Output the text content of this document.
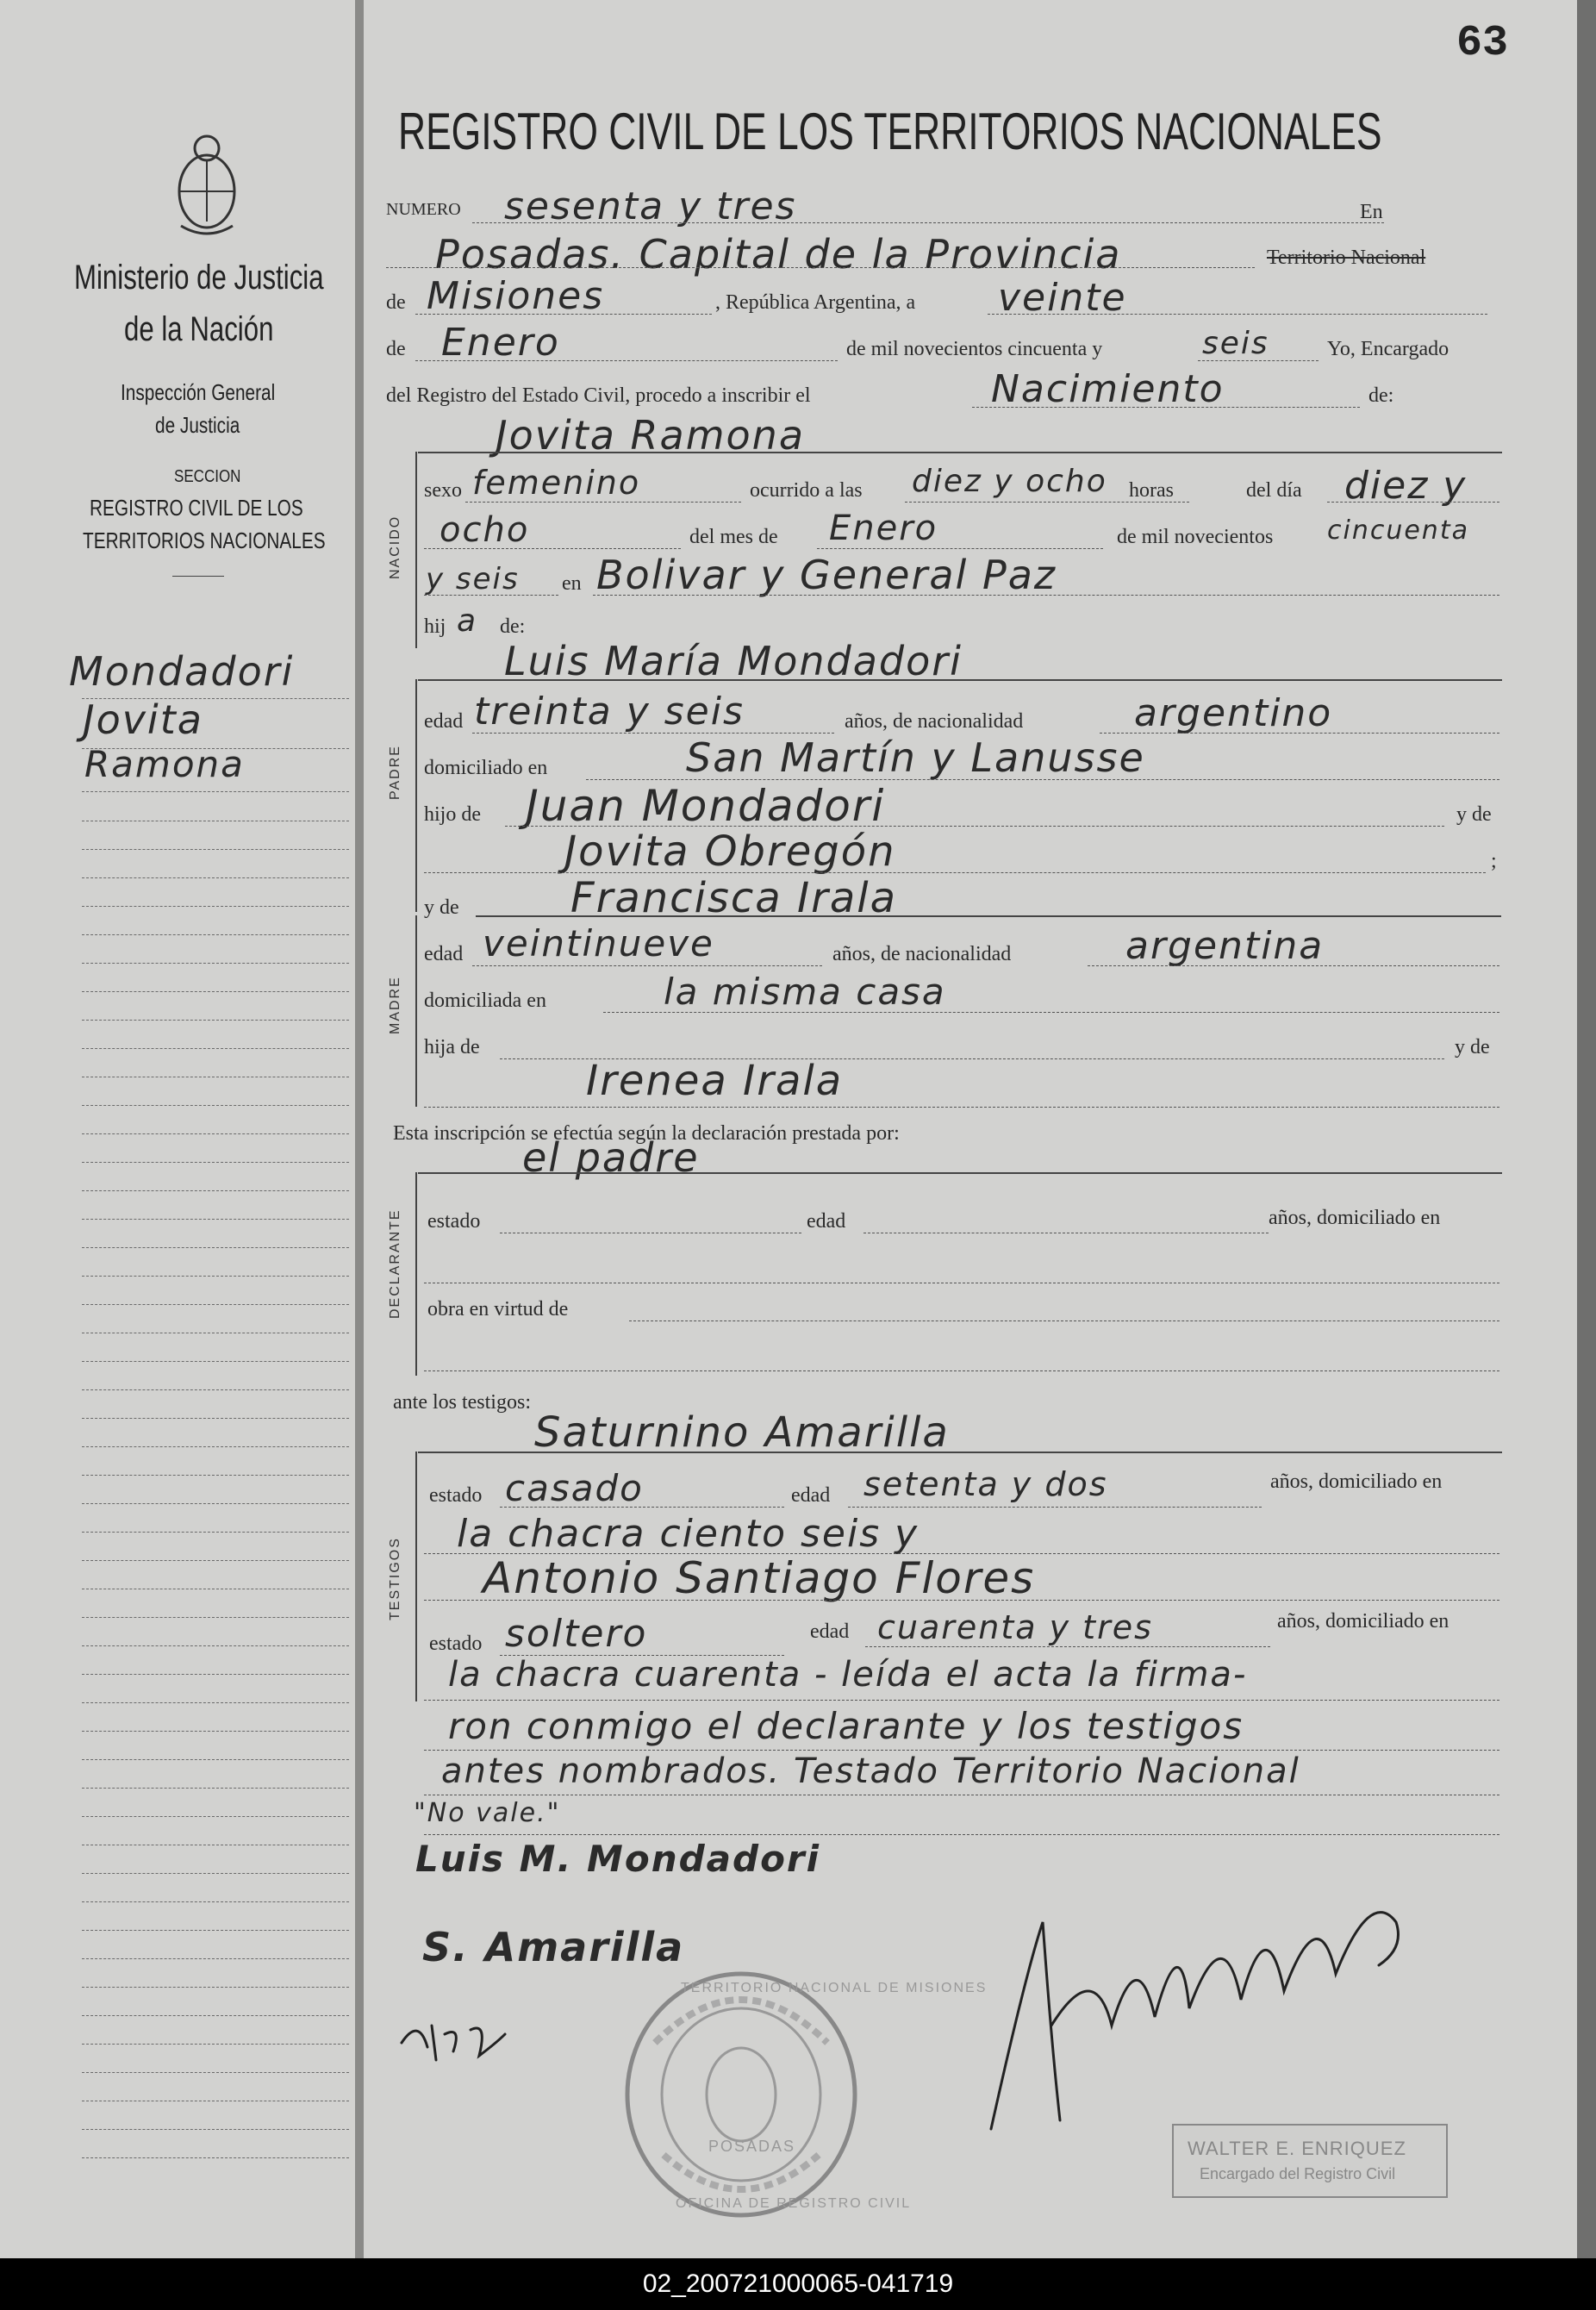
63
REGISTRO CIVIL DE LOS TERRITORIOS NACIONALES
Ministerio de Justicia
de la Nación
Inspección General
de Justicia
SECCION
REGISTRO CIVIL DE LOS
TERRITORIOS NACIONALES
Mondadori
Jovita
Ramona
NUMERO sesenta y tres	En
Posadas. Capital de la Provincia	Territorio Nacional
de Misiones	, República Argentina, a veinte
de Enero	de mil novecientos cincuenta y	seis	Yo, Encargado
del Registro del Estado Civil, procedo a inscribir el	Nacimiento	de:
Jovita Ramona
NACIDO
sexo femenino	ocurrido a las diez y ocho horas	del día diez y
ocho	del mes de Enero	de mil novecientos cincuenta
y seis en Bolivar y General Paz
hij a de:
Luis María Mondadori
PADRE
edad treinta y seis	años, de nacionalidad	argentino
domiciliado en	San Martín y Lanusse
hijo de Juan Mondadori	y de
Jovita Obregón	;
y de	Francisca Irala
MADRE
edad veintinueve	años, de nacionalidad	argentina
domiciliada en	la misma casa
hija de	y de
Irenea Irala
Esta inscripción se efectúa según la declaración prestada por:
el padre
DECLARANTE estado	edad	años, domiciliado en
obra en virtud de
ante los testigos:
Saturnino Amarilla
TESTIGOS
estado casado	edad setenta y dos	años, domiciliado en
la chacra ciento seis y
Antonio Santiago Flores
estado soltero	edad cuarenta y tres	años, domiciliado en
la chacra cuarenta - leída el acta la firma-
ron conmigo el declarante y los testigos
antes nombrados. Testado Territorio Nacional
"No vale."
Luis M. Mondadori
S. Amarilla
TERRITORIO NACIONAL DE MISIONES
POSADAS
OFICINA DE REGISTRO CIVIL
WALTER E. ENRIQUEZ
Encargado del Registro Civil
02_200721000065-041719
